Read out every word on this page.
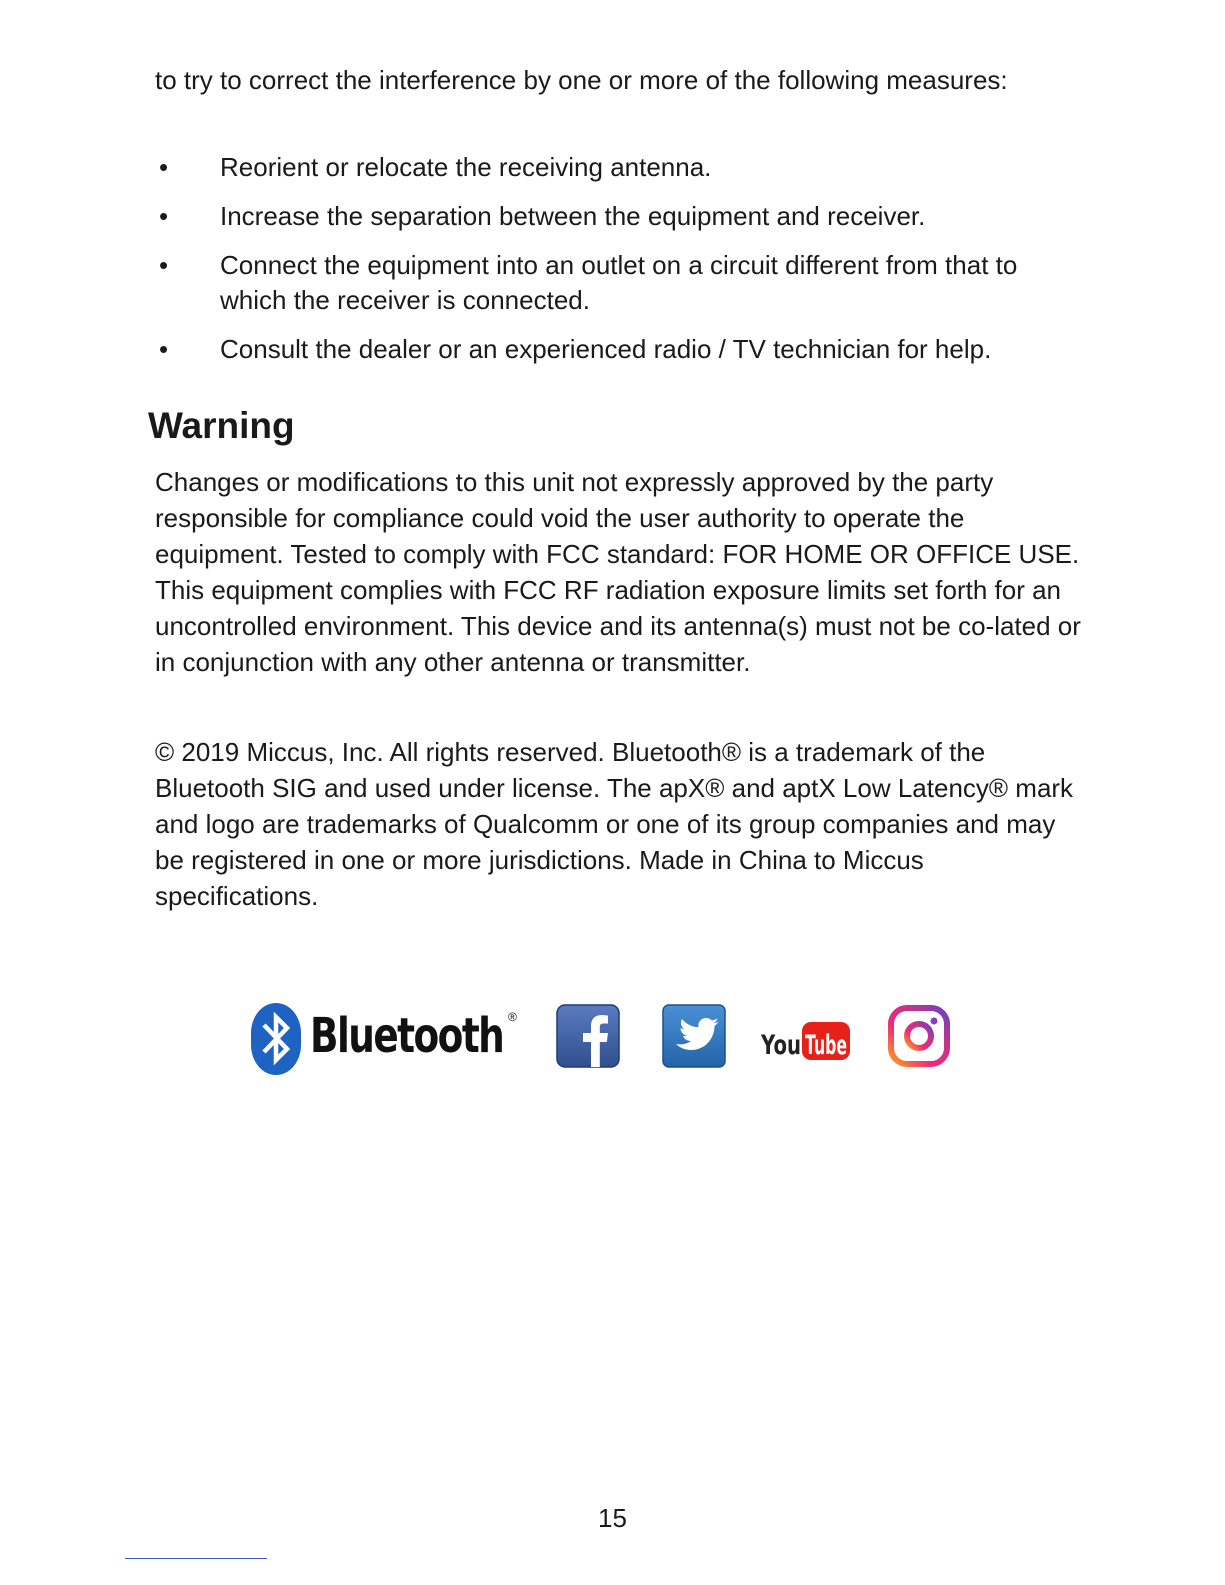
to try to correct the interference by one or more of the following measures:
• Reorient or relocate the receiving antenna.
• Increase the separation between the equipment and receiver.
• Connect the equipment into an outlet on a circuit different from that to which the receiver is connected.
• Consult the dealer or an experienced radio / TV technician for help.
Warning
Changes or modifications to this unit not expressly approved by the party responsible for compliance could void the user authority to operate the equipment. Tested to comply with FCC standard: FOR HOME OR OFFICE USE. This equipment complies with FCC RF radiation exposure limits set forth for an uncontrolled environment. This device and its antenna(s) must not be co-lated or in conjunction with any other antenna or transmitter.
© 2019 Miccus, Inc. All rights reserved. Bluetooth® is a trademark of the Bluetooth SIG and used under license. The apX® and aptX Low Latency® mark and logo are trademarks of Qualcomm or one of its group companies and may be registered in one or more jurisdictions. Made in China to Miccus specifications.
Bluetooth ®
You Tube
15
